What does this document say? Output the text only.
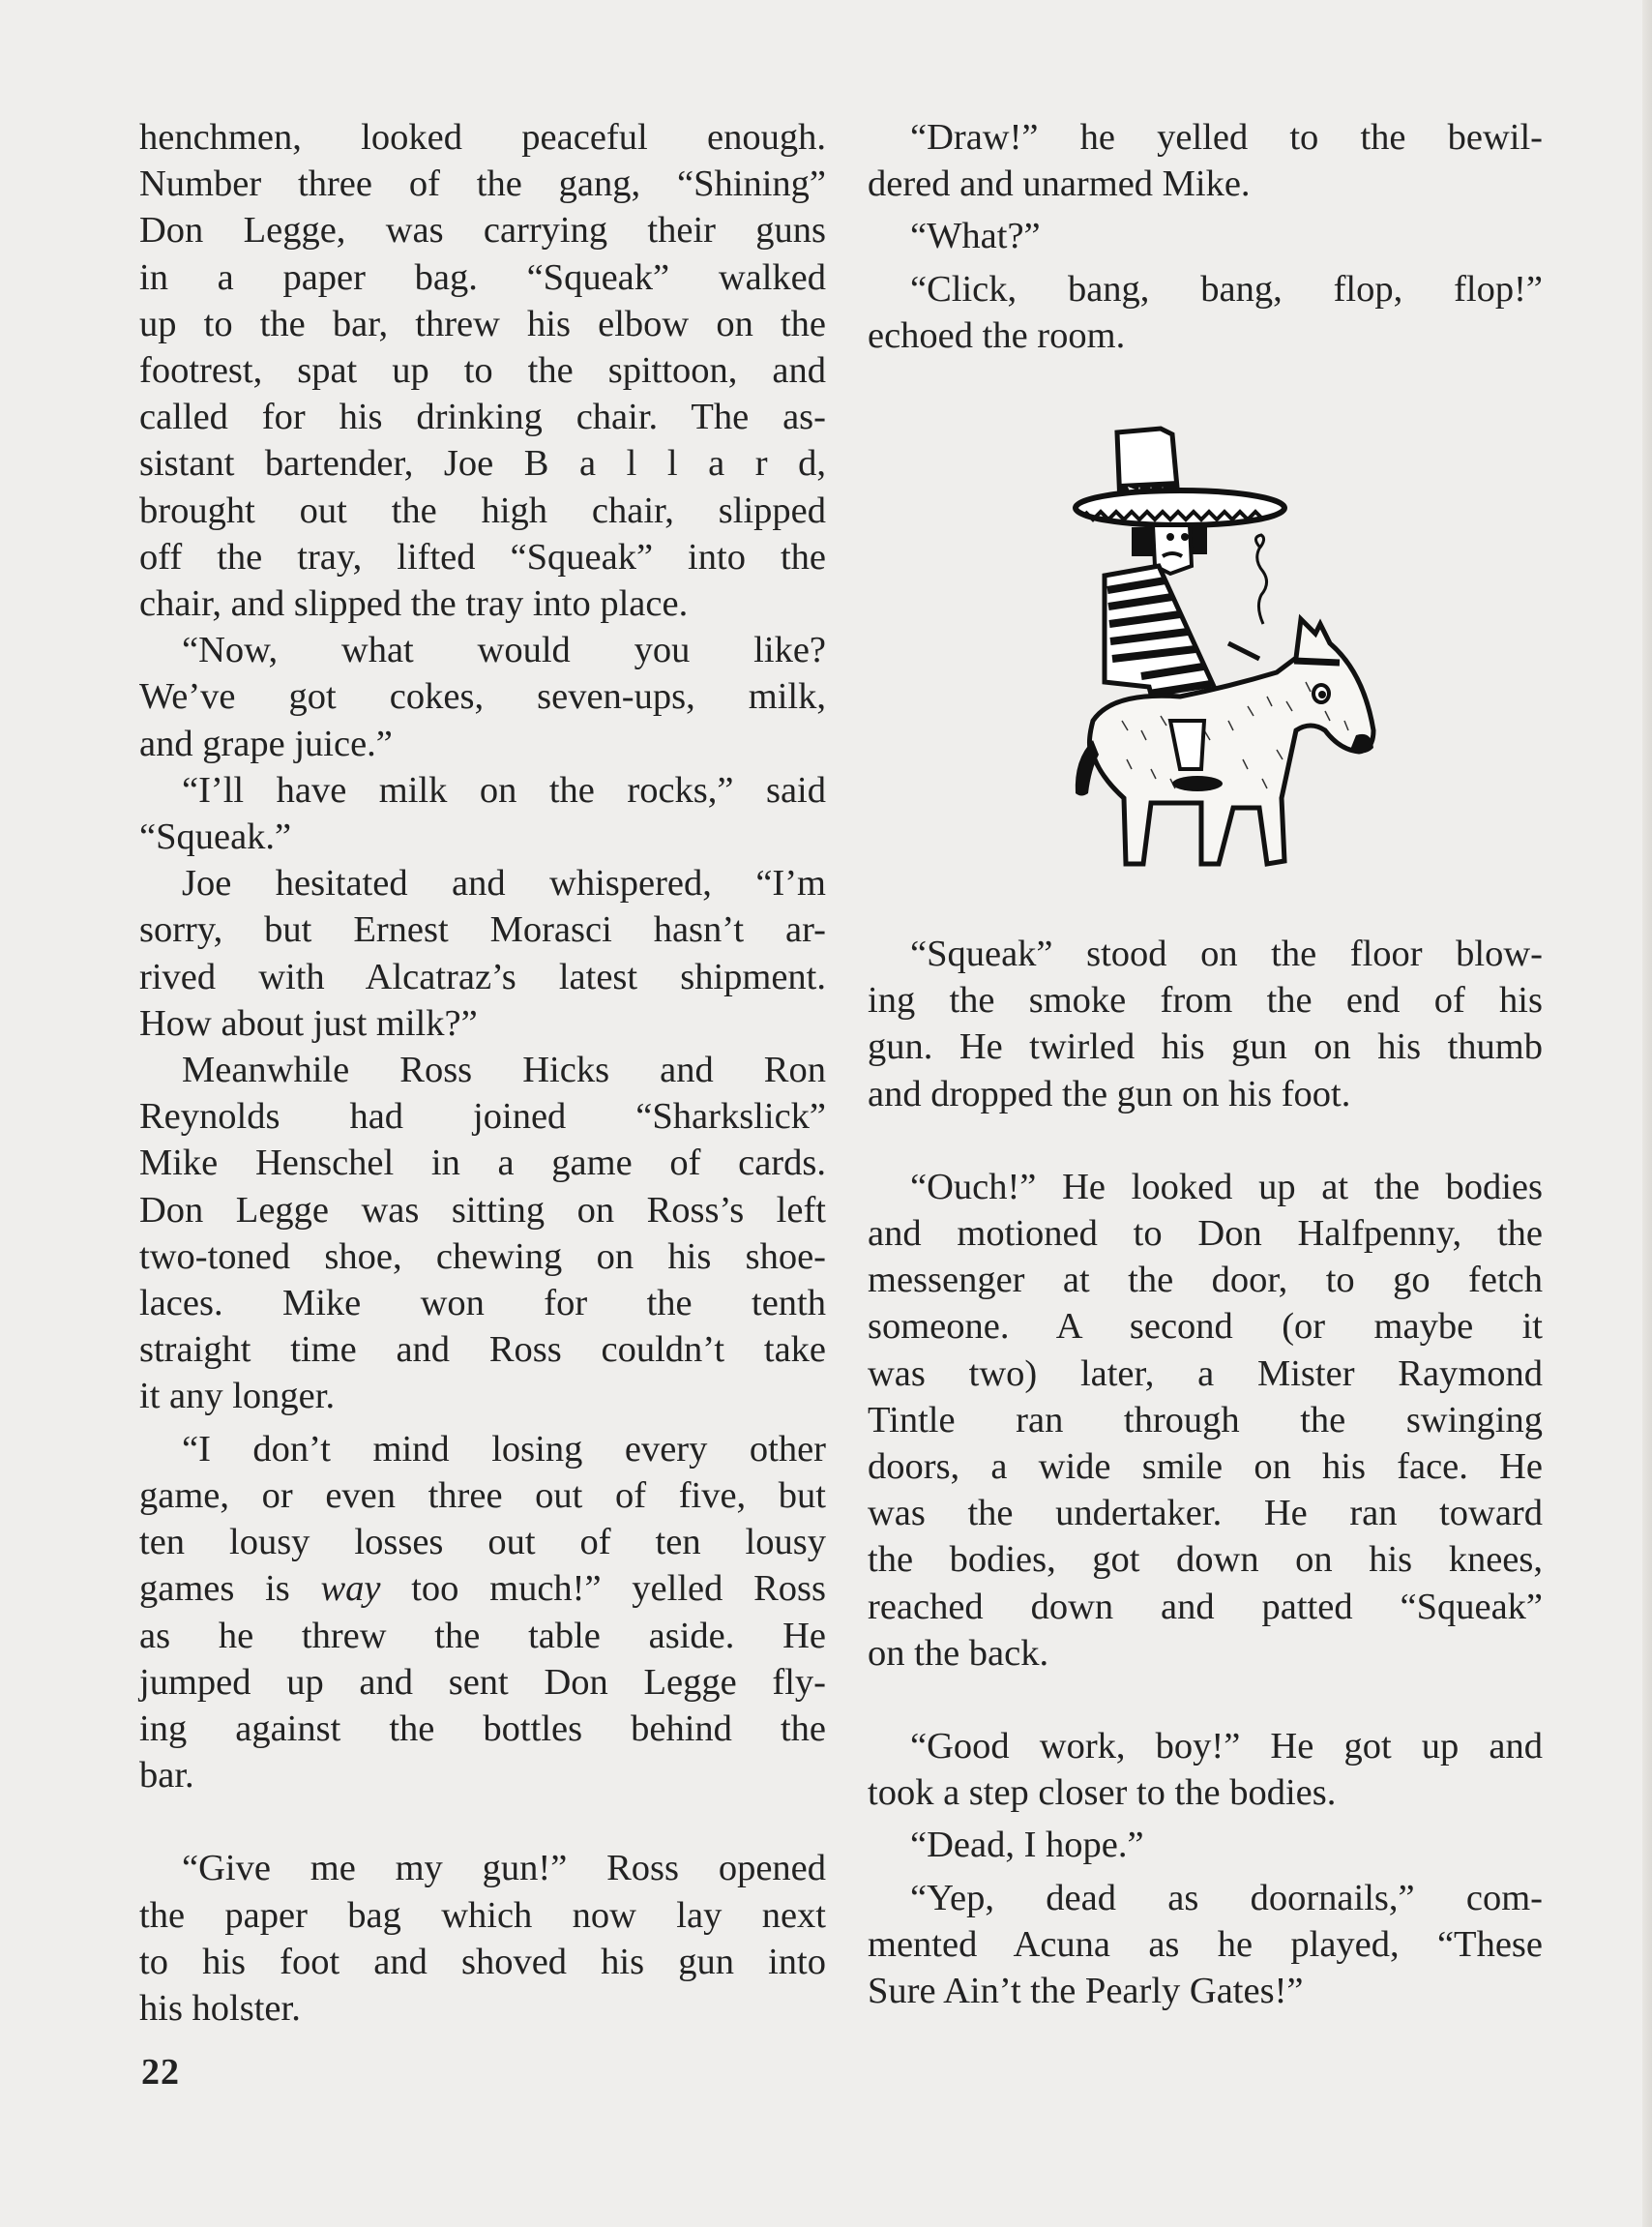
henchmen, looked peaceful enough.
Number three of the gang, “Shining”
Don Legge, was carrying their guns
in a paper bag. “Squeak” walked
up to the bar, threw his elbow on the
footrest, spat up to the spittoon, and
called for his drinking chair. The as-
sistant bartender, Joe B a l l a r d,
brought out the high chair, slipped
off the tray, lifted “Squeak” into the
chair, and slipped the tray into place.

“Now, what would you like?
We’ve got cokes, seven-ups, milk,
and grape juice.”

“I’ll have milk on the rocks,” said
“Squeak.”

Joe hesitated and whispered, “I’m
sorry, but Ernest Morasci hasn’t ar-
rived with Alcatraz’s latest shipment.
How about just milk?”

Meanwhile Ross Hicks and Ron
Reynolds had joined “Sharkslick”
Mike Henschel in a game of cards.
Don Legge was sitting on Ross’s left
two-toned shoe, chewing on his shoe-
laces. Mike won for the tenth
straight time and Ross couldn’t take
it any longer.

“I don’t mind losing every other
game, or even three out of five, but
ten lousy losses out of ten lousy
games is way too much!” yelled Ross
as he threw the table aside. He
jumped up and sent Don Legge fly-
ing against the bottles behind the
bar.

“Give me my gun!” Ross opened
the paper bag which now lay next
to his foot and shoved his gun into
his holster.

“Draw!” he yelled to the bewil-
dered and unarmed Mike.

“What?”

“Click, bang, bang, flop, flop!”
echoed the room.

“Squeak” stood on the floor blow-
ing the smoke from the end of his
gun. He twirled his gun on his thumb
and dropped the gun on his foot.

“Ouch!” He looked up at the bodies
and motioned to Don Halfpenny, the
messenger at the door, to go fetch
someone. A second (or maybe it
was two) later, a Mister Raymond
Tintle ran through the swinging
doors, a wide smile on his face. He
was the undertaker. He ran toward
the bodies, got down on his knees,
reached down and patted “Squeak”
on the back.

“Good work, boy!” He got up and
took a step closer to the bodies.

“Dead, I hope.”

“Yep, dead as doornails,” com-
mented Acuna as he played, “These
Sure Ain’t the Pearly Gates!”

22
